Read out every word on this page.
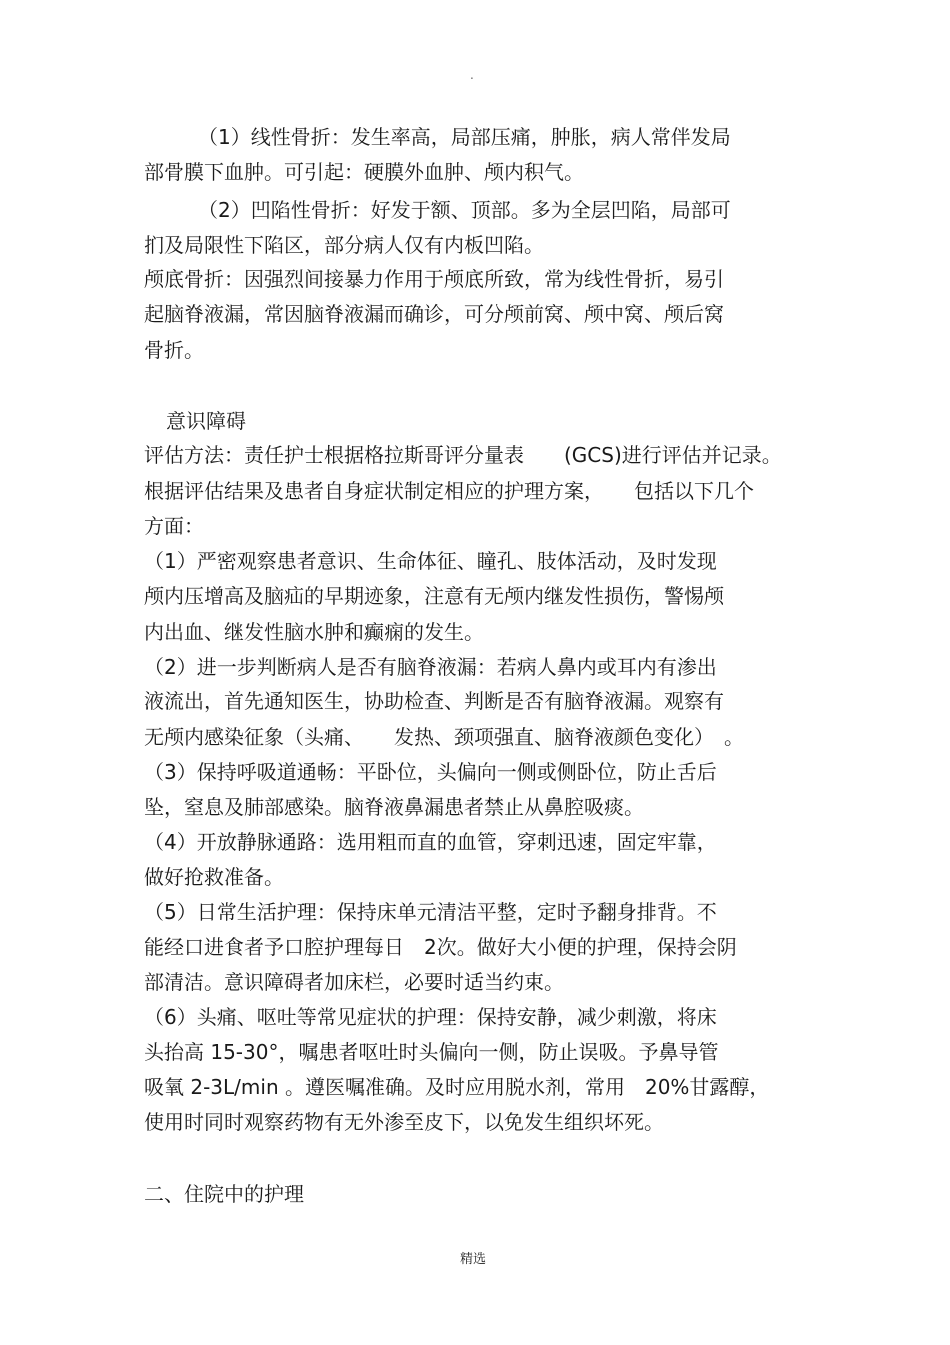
.
（1）线性骨折：发生率高，局部压痛，肿胀，病人常伴发局
部骨膜下血肿。可引起：硬膜外血肿、颅内积气。
（2）凹陷性骨折：好发于额、顶部。多为全层凹陷，局部可
扪及局限性下陷区，部分病人仅有内板凹陷。
颅底骨折：因强烈间接暴力作用于颅底所致，常为线性骨折，易引
起脑脊液漏，常因脑脊液漏而确诊，可分颅前窝、颅中窝、颅后窝
骨折。
意识障碍
评估方法：责任护士根据格拉斯哥评分量表　　(GCS)进行评估并记录。
根据评估结果及患者自身症状制定相应的护理方案，　　包括以下几个
方面：
（1）严密观察患者意识、生命体征、瞳孔、肢体活动，及时发现
颅内压增高及脑疝的早期迹象，注意有无颅内继发性损伤，警惕颅
内出血、继发性脑水肿和癫痫的发生。
（2）进一步判断病人是否有脑脊液漏：若病人鼻内或耳内有渗出
液流出，首先通知医生，协助检查、判断是否有脑脊液漏。观察有
无颅内感染征象（头痛、　　发热、颈项强直、脑脊液颜色变化）　。
（3）保持呼吸道通畅：平卧位，头偏向一侧或侧卧位，防止舌后
坠，窒息及肺部感染。脑脊液鼻漏患者禁止从鼻腔吸痰。
（4）开放静脉通路：选用粗而直的血管，穿刺迅速，固定牢靠，
做好抢救准备。
（5）日常生活护理：保持床单元清洁平整，定时予翻身排背。不
能经口进食者予口腔护理每日　2次。做好大小便的护理，保持会阴
部清洁。意识障碍者加床栏，必要时适当约束。
（6）头痛、呕吐等常见症状的护理：保持安静，减少刺激，将床
头抬高 15-30°，嘱患者呕吐时头偏向一侧，防止误吸。予鼻导管
吸氧 2-3L/min 。遵医嘱准确。及时应用脱水剂，常用　20%甘露醇，
使用时同时观察药物有无外渗至皮下，以免发生组织坏死。
二、住院中的护理
精选
